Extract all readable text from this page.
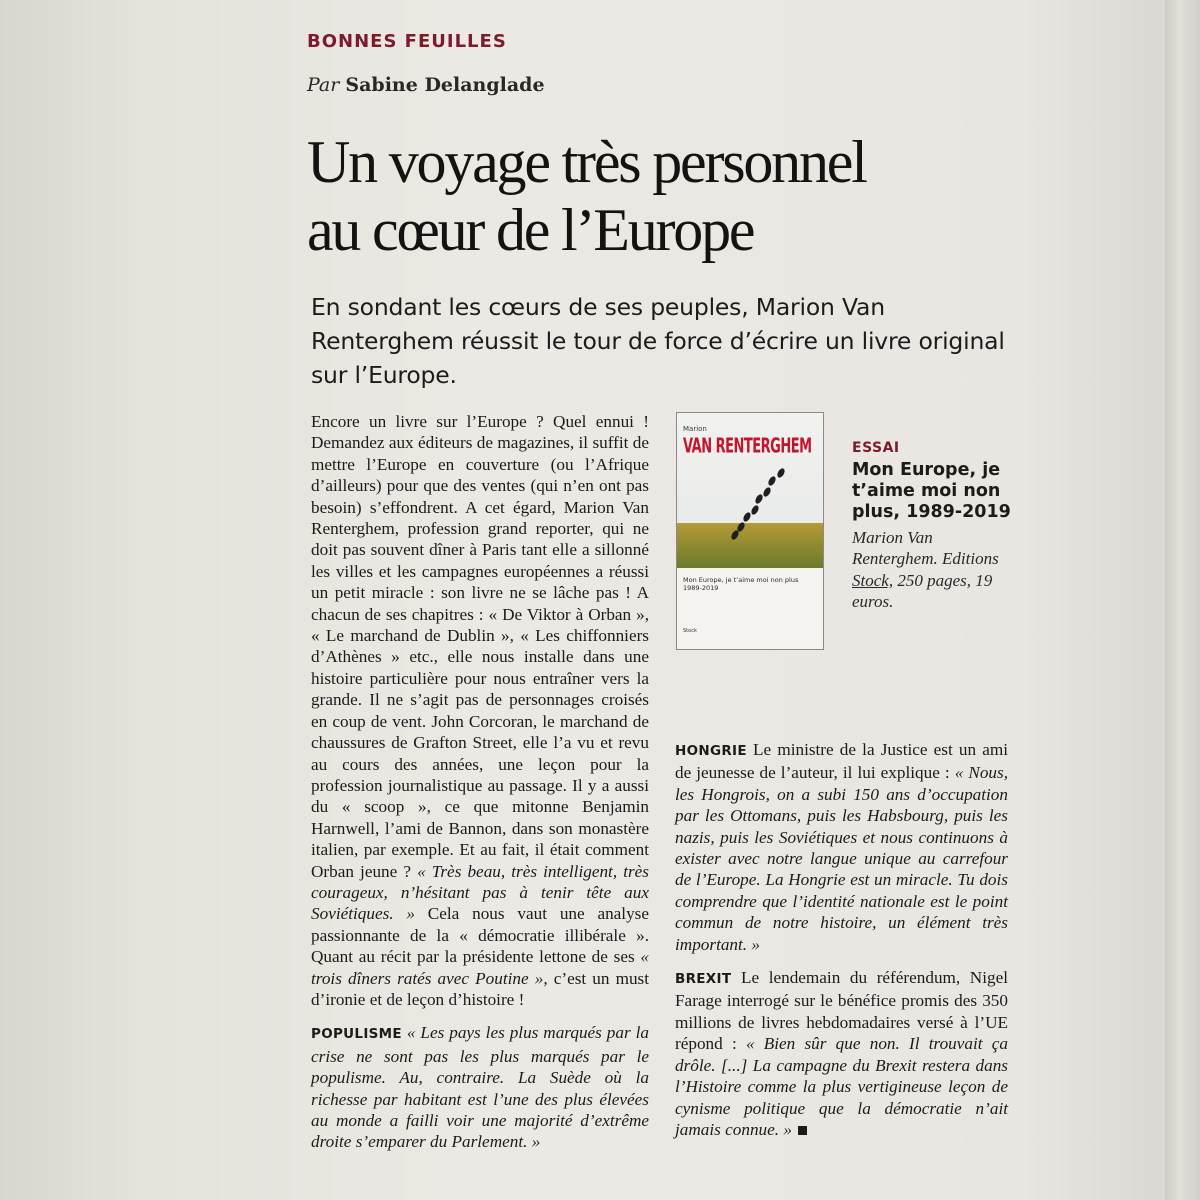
BONNES FEUILLES
Par Sabine Delanglade
Un voyage très personnel
au cœur de l’Europe
En sondant les cœurs de ses peuples, Marion Van Renterghem réussit le tour de force d’écrire un livre original sur l’Europe.

Encore un livre sur l’Europe ? Quel ennui ! Demandez aux éditeurs de magazines, il suffit de mettre l’Europe en couverture (ou l’Afrique d’ailleurs) pour que des ventes (qui n’en ont pas besoin) s’effondrent. A cet égard, Marion Van Renterghem, profession grand reporter, qui ne doit pas souvent dîner à Paris tant elle a sillonné les villes et les campagnes européennes a réussi un petit miracle : son livre ne se lâche pas ! A chacun de ses chapitres : « De Viktor à Orban », « Le marchand de Dublin », « Les chiffonniers d’Athènes » etc., elle nous installe dans une histoire particulière pour nous entraîner vers la grande. Il ne s’agit pas de personnages croisés en coup de vent. John Corcoran, le marchand de chaussures de Grafton Street, elle l’a vu et revu au cours des années, une leçon pour la profession journalistique au passage. Il y a aussi du « scoop », ce que mitonne Benjamin Harnwell, l’ami de Bannon, dans son monastère italien, par exemple. Et au fait, il était comment Orban jeune ? « Très beau, très intelligent, très courageux, n’hésitant pas à tenir tête aux Soviétiques. » Cela nous vaut une analyse passionnante de la « démocratie illibérale ». Quant au récit par la présidente lettone de ses « trois dîners ratés avec Poutine », c’est un must d’ironie et de leçon d’histoire !

POPULISME « Les pays les plus marqués par la crise ne sont pas les plus marqués par le populisme. Au, contraire. La Suède où la richesse par habitant est l’une des plus élevées au monde a failli voir une majorité d’extrême droite s’emparer du Parlement. »

Marion
VAN RENTERGHEM
Mon Europe, je t’aime moi non plus 1989-2019
Stock
ESSAI
Mon Europe, je t’aime moi non plus, 1989-2019
Marion Van Renterghem. Editions Stock, 250 pages, 19 euros.

HONGRIE Le ministre de la Justice est un ami de jeunesse de l’auteur, il lui explique : « Nous, les Hongrois, on a subi 150 ans d’occupation par les Ottomans, puis les Habsbourg, puis les nazis, puis les Soviétiques et nous continuons à exister avec notre langue unique au carrefour de l’Europe. La Hongrie est un miracle. Tu dois comprendre que l’identité nationale est le point commun de notre histoire, un élément très important. »

BREXIT Le lendemain du référendum, Nigel Farage interrogé sur le bénéfice promis des 350 millions de livres hebdomadaires versé à l’UE répond : « Bien sûr que non. Il trouvait ça drôle. [...] La campagne du Brexit restera dans l’Histoire comme la plus vertigineuse leçon de cynisme politique que la démocratie n’ait jamais connue. »
